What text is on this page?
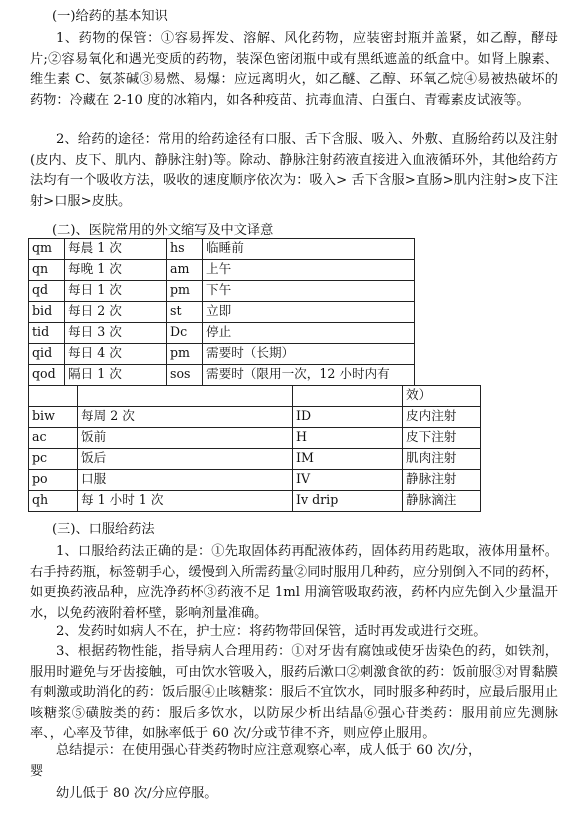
(一)给药的基本知识

1、药物的保管：①容易挥发、溶解、风化药物，应装密封瓶并盖紧，如乙醇，酵母片;②容易氧化和遇光变质的药物，装深色密闭瓶中或有黑纸遮盖的纸盒中。如肾上腺素、维生素 C、氨茶碱③易燃、易爆：应远离明火，如乙醚、乙醇、环氧乙烷④易被热破坏的药物：冷藏在 2-10 度的冰箱内，如各种疫苗、抗毒血清、白蛋白、青霉素皮试液等。

2、给药的途径：常用的给药途径有口服、舌下含服、吸入、外敷、直肠给药以及注射(皮内、皮下、肌内、静脉注射)等。除动、静脉注射药液直接进入血液循环外，其他给药方法均有一个吸收方法，吸收的速度顺序依次为：吸入> 舌下含服>直肠>肌内注射>皮下注射>口服>皮肤。

(二)、医院常用的外文缩写及中文译意

qm	每晨 1 次	hs	临睡前
qn	每晚 1 次	am	上午
qd	每日 1 次	pm	下午
bid	每日 2 次	st	立即
tid	每日 3 次	Dc	停止
qid	每日 4 次	pm	需要时（长期）
qod	隔日 1 次	sos	需要时（限用一次，12 小时内有
			效）
biw	每周 2 次	ID	皮内注射
ac	饭前	H	皮下注射
pc	饭后	IM	肌肉注射
po	口服	IV	静脉注射
qh	每 1 小时 1 次	Iv drip	静脉滴注

(三)、口服给药法

1、口服给药法正确的是：①先取固体药再配液体药，固体药用药匙取，液体用量杯。右手持药瓶，标签朝手心，缓慢到入所需药量②同时服用几种药，应分别倒入不同的药杯，如更换药液品种，应洗净药杯③药液不足 1ml 用滴管吸取药液，药杯内应先倒入少量温开水，以免药液附着杯壁，影响剂量准确。

2、发药时如病人不在，护士应：将药物带回保管，适时再发或进行交班。

3、根据药物性能，指导病人合理用药：①对牙齿有腐蚀或使牙齿染色的药，如铁剂，服用时避免与牙齿接触，可由饮水管吸入，服药后漱口②刺激食欲的药：饭前服③对胃黏膜有刺激或助消化的药：饭后服④止咳糖浆：服后不宜饮水，同时服多种药时，应最后服用止咳糖浆⑤磺胺类的药：服后多饮水，以防尿少析出结晶⑥强心苷类药：服用前应先测脉率、，心率及节律，如脉率低于 60 次/分或节律不齐，则应停止服用。

总结提示：在使用强心苷类药物时应注意观察心率，成人低于 60 次/分，

婴

幼儿低于 80 次/分应停服。
